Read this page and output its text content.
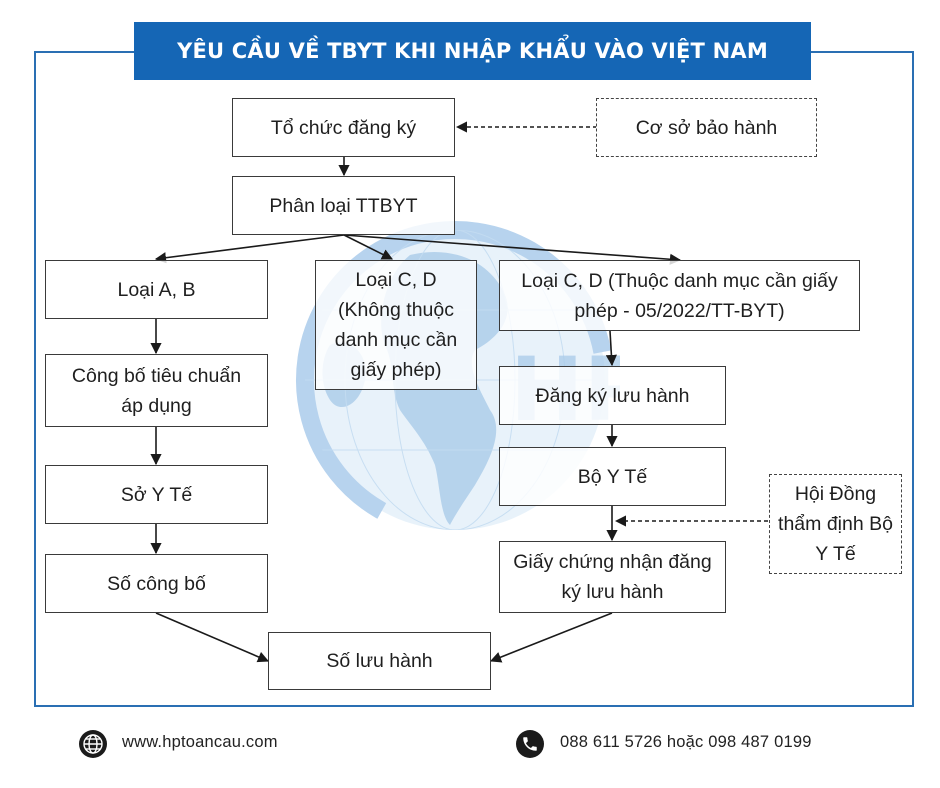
YÊU CẦU VỀ TBYT KHI NHẬP KHẨU VÀO VIỆT NAM
Tổ chức đăng ký	Cơ sở bảo hành
Phân loại TTBYT
Loại A, B	Loại C, D (Không thuộc danh mục cần giấy phép)
Loại C, D (Thuộc danh mục cần giấy phép - 05/2022/TT-BYT)
Công bố tiêu chuẩn áp dụng	Đăng ký lưu hành
Sở Y Tế
Bộ Y Tế
Hội Đồng thẩm định Bộ Y Tế
Số công bố
Giấy chứng nhận đăng ký lưu hành
Số lưu hành
www.hptoancau.com	088 611 5726 hoặc 098 487 0199
